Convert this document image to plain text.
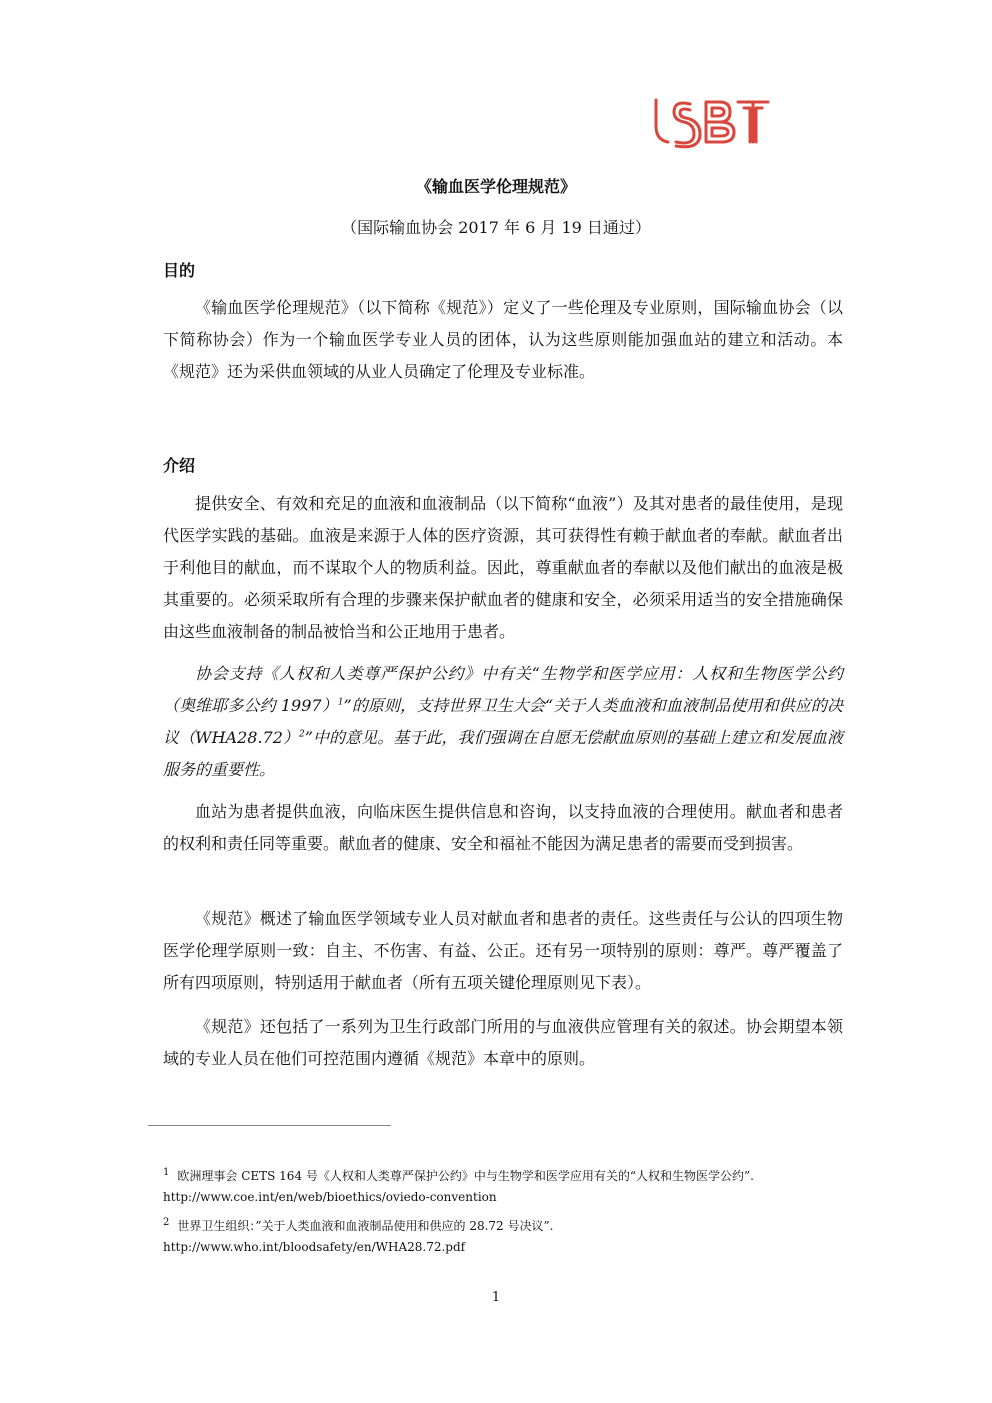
《输血医学伦理规范》
（国际输血协会 2017 年 6 月 19 日通过）
目的

《输血医学伦理规范》（以下简称《规范》）定义了一些伦理及专业原则，国际输血协会（以下简称协会）作为一个输血医学专业人员的团体，认为这些原则能加强血站的建立和活动。本《规范》还为采供血领域的从业人员确定了伦理及专业标准。

介绍

提供安全、有效和充足的血液和血液制品（以下简称“血液”）及其对患者的最佳使用，是现代医学实践的基础。血液是来源于人体的医疗资源，其可获得性有赖于献血者的奉献。献血者出于利他目的献血，而不谋取个人的物质利益。因此，尊重献血者的奉献以及他们献出的血液是极其重要的。必须采取所有合理的步骤来保护献血者的健康和安全，必须采用适当的安全措施确保由这些血液制备的制品被恰当和公正地用于患者。

协会支持《人权和人类尊严保护公约》中有关“生物学和医学应用：人权和生物医学公约（奥维耶多公约 1997）$^1$”的原则，支持世界卫生大会“关于人类血液和血液制品使用和供应的决议$(WHA28.72)^2$”中的意见。基于此，我们强调在自愿无偿献血原则的基础上建立和发展血液服务的重要性。

血站为患者提供血液，向临床医生提供信息和咨询，以支持血液的合理使用。献血者和患者的权利和责任同等重要。献血者的健康、安全和福祉不能因为满足患者的需要而受到损害。

《规范》概述了输血医学领域专业人员对献血者和患者的责任。这些责任与公认的四项生物医学伦理学原则一致：自主、不伤害、有益、公正。还有另一项特别的原则：尊严。尊严覆盖了所有四项原则，特别适用于献血者（所有五项关键伦理原则见下表）。

《规范》还包括了一系列为卫生行政部门所用的与血液供应管理有关的叙述。协会期望本领域的专业人员在他们可控范围内遵循《规范》本章中的原则。

$^1$ 欧洲理事会 CETS 164 号《人权和人类尊严保护公约》中与生物学和医学应用有关的“人权和生物医学公约”. http://www.coe.int/en/web/bioethics/oviedo-convention

$^2$ 世界卫生组织：”关于人类血液和血液制品使用和供应的 28.72 号决议”. http://www.who.int/bloodsafety/en/WHA28.72.pdf

1
